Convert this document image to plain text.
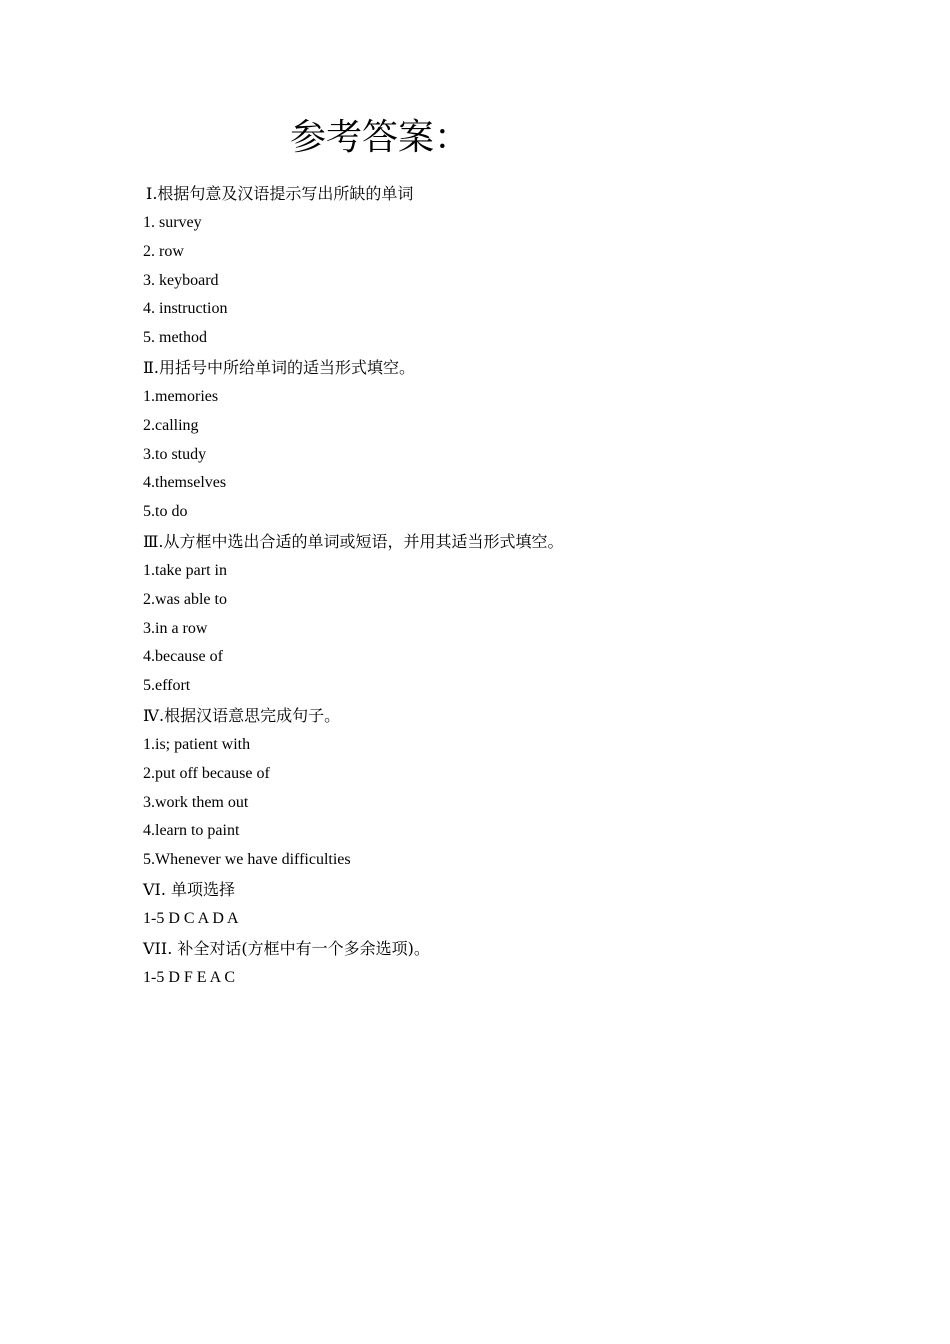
参考答案：
Ⅰ.根据句意及汉语提示写出所缺的单词
1. survey
2. row
3. keyboard
4. instruction
5. method
Ⅱ.用括号中所给单词的适当形式填空。
1.memories
2.calling
3.to study
4.themselves
5.to do
Ⅲ.从方框中选出合适的单词或短语，并用其适当形式填空。
1.take part in
2.was able to
3.in a row
4.because of
5.effort
Ⅳ.根据汉语意思完成句子。
1.is; patient with
2.put off because of
3.work them out
4.learn to paint
5.Whenever we have difficulties
VI. 单项选择
1-5 D C A D A
VII. 补全对话(方框中有一个多余选项)。
1-5 D F E A C
